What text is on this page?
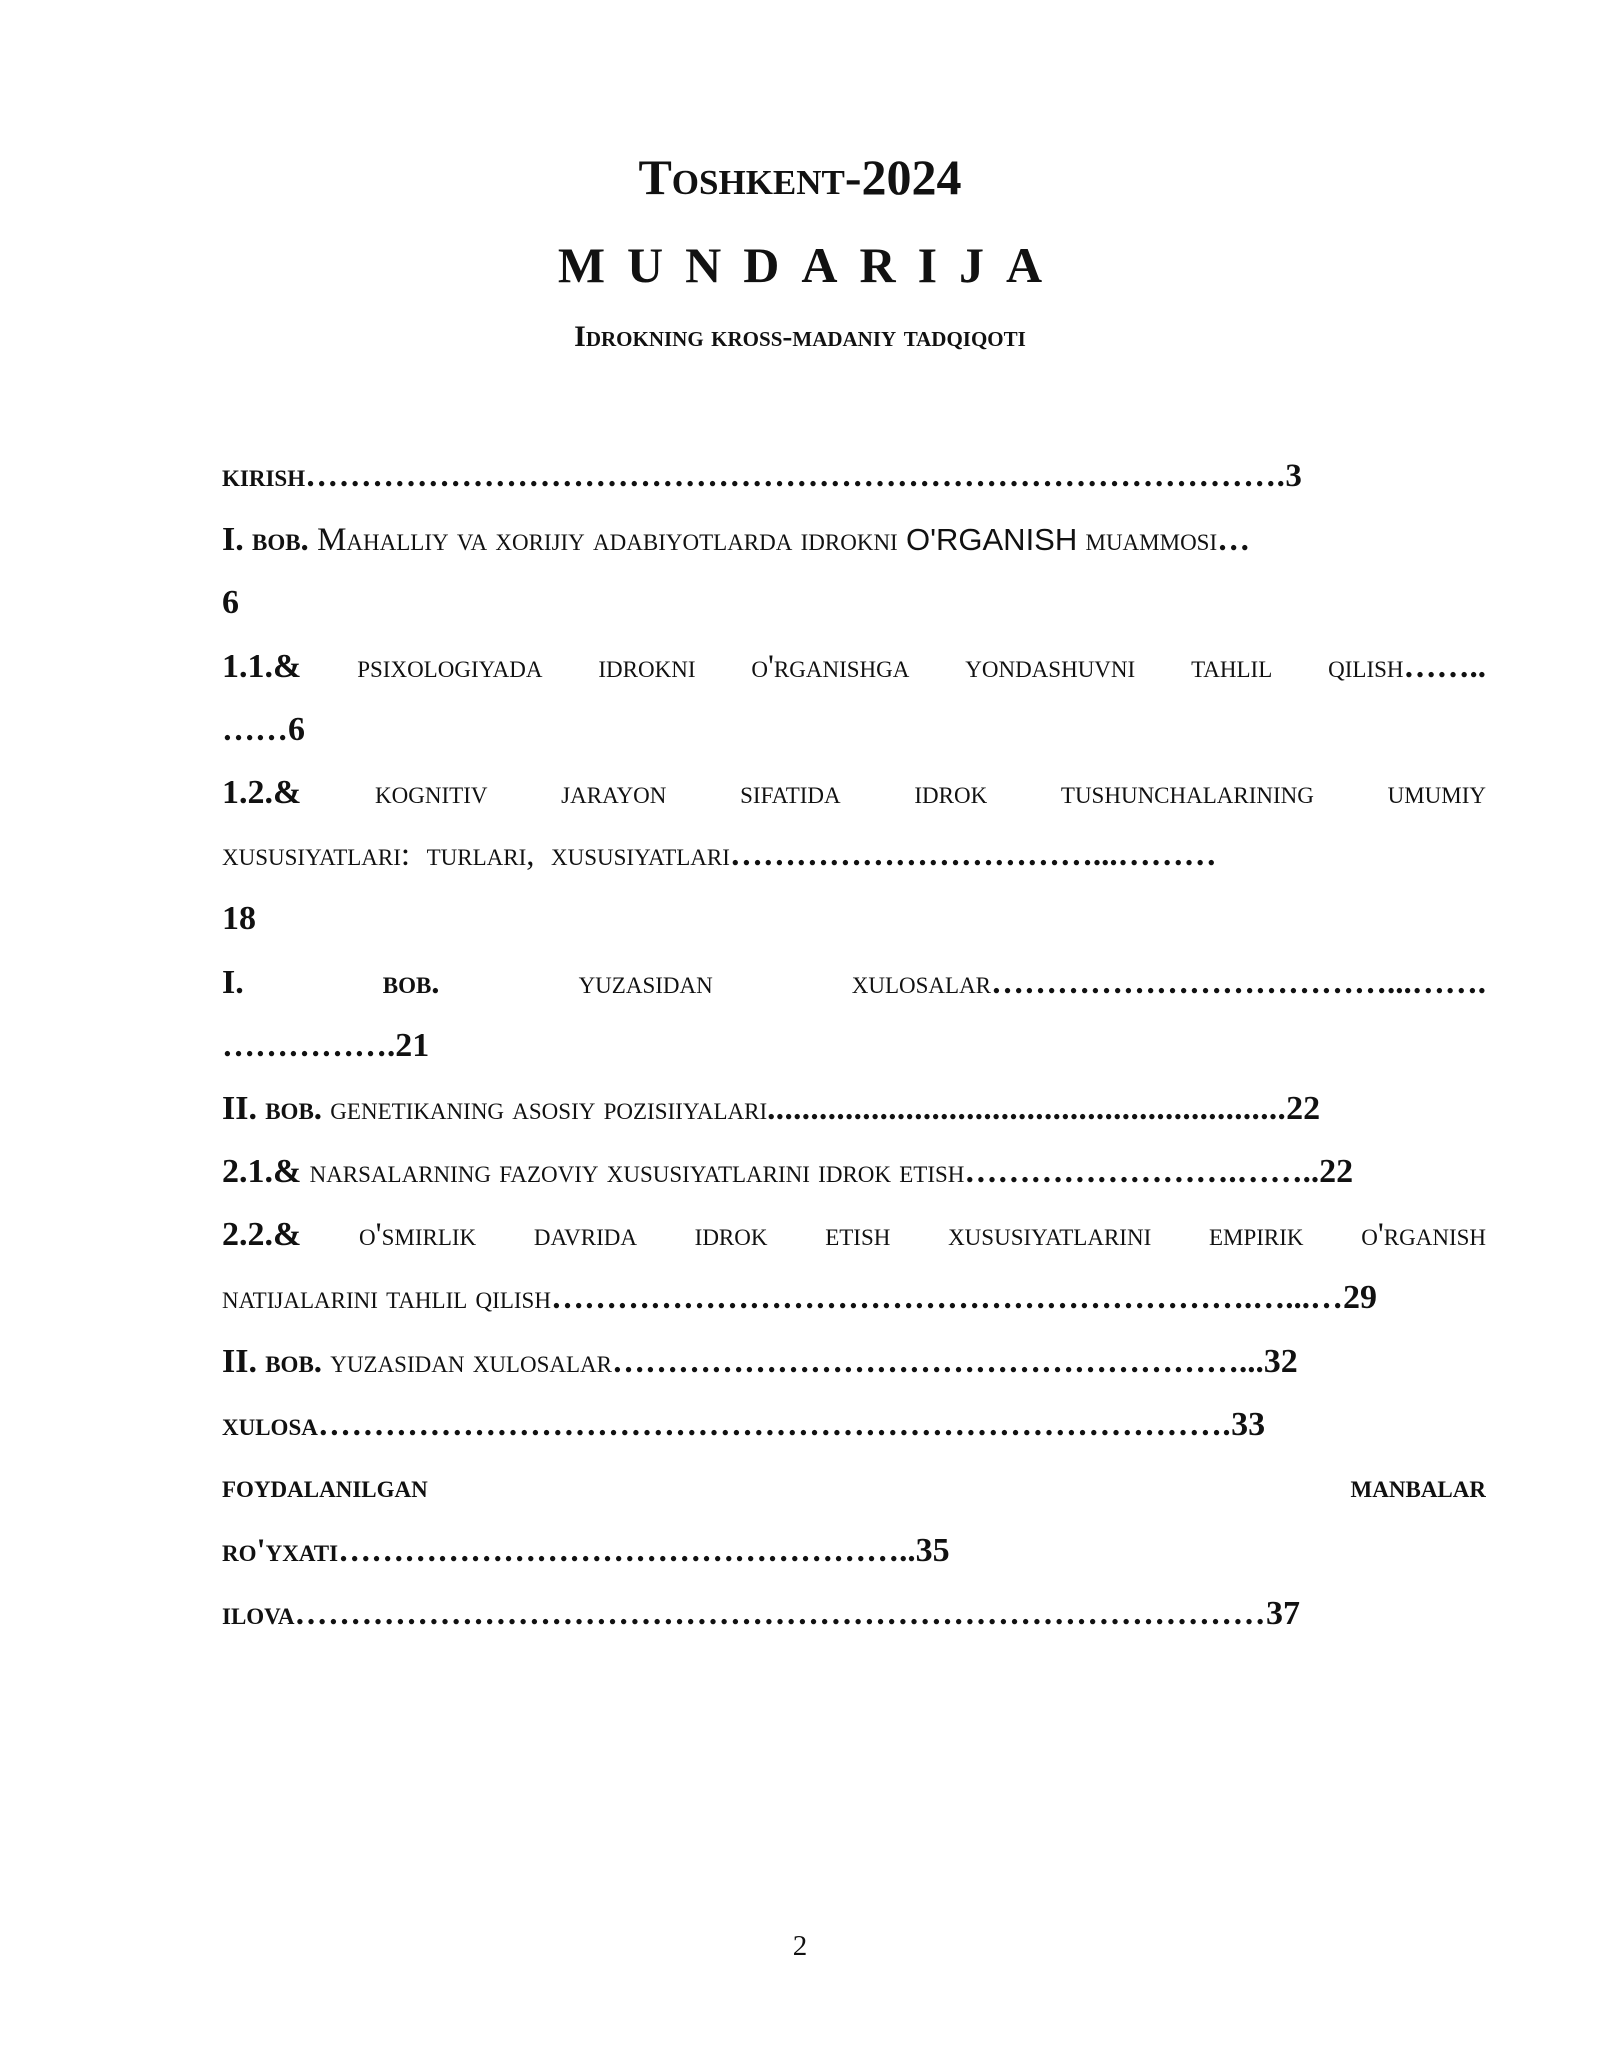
Toshkent-2024
MUNDARIJA
Idrokning kross-madaniy tadqiqoti
kirish…………………………………………………………………………….3
I. bob. Mahalliy va xorijiy adabiyotlarda idrokni O'RGANISH muammosi…
6
1.1.& psixologiyada idrokni o'rganishga yondashuvni tahlil qilish……..
……6
1.2.& kognitiv jarayon sifatida idrok tushunchalarining umumiy
xususiyatlari: turlari, xususiyatlari……………………………...………
18
I.	bob.	yuzasidan	xulosalar………………………………...…….
…………….21
II. bob. genetikaning asosiy pozisiiyalari............................................................22
2.1.& narsalarning fazoviy xususiyatlarini idrok etish…………………….……..22
2.2.& o'smirlik davrida idrok etish xususiyatlarini empirik o'rganish
natijalarini tahlil qilish……………………………………………………….…...…29
II. bob. yuzasidan xulosalar…………………………………………………...32
xulosa……………………………………………………………………….33
foydalanilgan	manbalar
ro'yxati……………………………………………..35
ilova……………………………………………………………………………37
2
